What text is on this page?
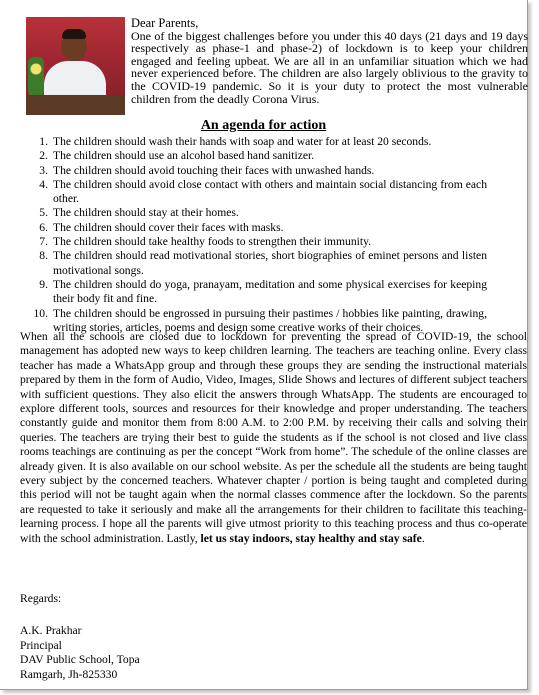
Dear Parents,
One of the biggest challenges before you under this 40 days (21 days and 19 days respectively as phase-1 and phase-2) of lockdown is to keep your children engaged and feeling upbeat. We are all in an unfamiliar situation which we had never experienced before. The children are also largely oblivious to the gravity to the COVID-19 pandemic. So it is your duty to protect the most vulnerable children from the deadly Corona Virus.
An agenda for action
1. The children should wash their hands with soap and water for at least 20 seconds.
2. The children should use an alcohol based hand sanitizer.
3. The children should avoid touching their faces with unwashed hands.
4. The children should avoid close contact with others and maintain social distancing from each other.
5. The children should stay at their homes.
6. The children should cover their faces with masks.
7. The children should take healthy foods to strengthen their immunity.
8. The children should read motivational stories, short biographies of eminet persons and listen motivational songs.
9. The children should do yoga, pranayam, meditation and some physical exercises for keeping their body fit and fine.
10. The children should be engrossed in pursuing their pastimes / hobbies like painting, drawing, writing stories, articles, poems and design some creative works of their choices.
When all the schools are closed due to lockdown for preventing the spread of COVID-19, the school management has adopted new ways to keep children learning. The teachers are teaching online. Every class teacher has made a WhatsApp group and through these groups they are sending the instructional materials prepared by them in the form of Audio, Video, Images, Slide Shows and lectures of different subject teachers with sufficient questions. They also elicit the answers through WhatsApp. The students are encouraged to explore different tools, sources and resources for their knowledge and proper understanding. The teachers constantly guide and monitor them from 8:00 A.M. to 2:00 P.M. by receiving their calls and solving their queries. The teachers are trying their best to guide the students as if the school is not closed and live class rooms teachings are continuing as per the concept “Work from home”. The schedule of the online classes are already given. It is also available on our school website. As per the schedule all the students are being taught every subject by the concerned teachers. Whatever chapter / portion is being taught and completed during this period will not be taught again when the normal classes commence after the lockdown. So the parents are requested to take it seriously and make all the arrangements for their children to facilitate this teaching-learning process. I hope all the parents will give utmost priority to this teaching process and thus co-operate with the school administration. Lastly, let us stay indoors, stay healthy and stay safe.
Regards:
A.K. Prakhar
Principal
DAV Public School, Topa
Ramgarh, Jh-825330
